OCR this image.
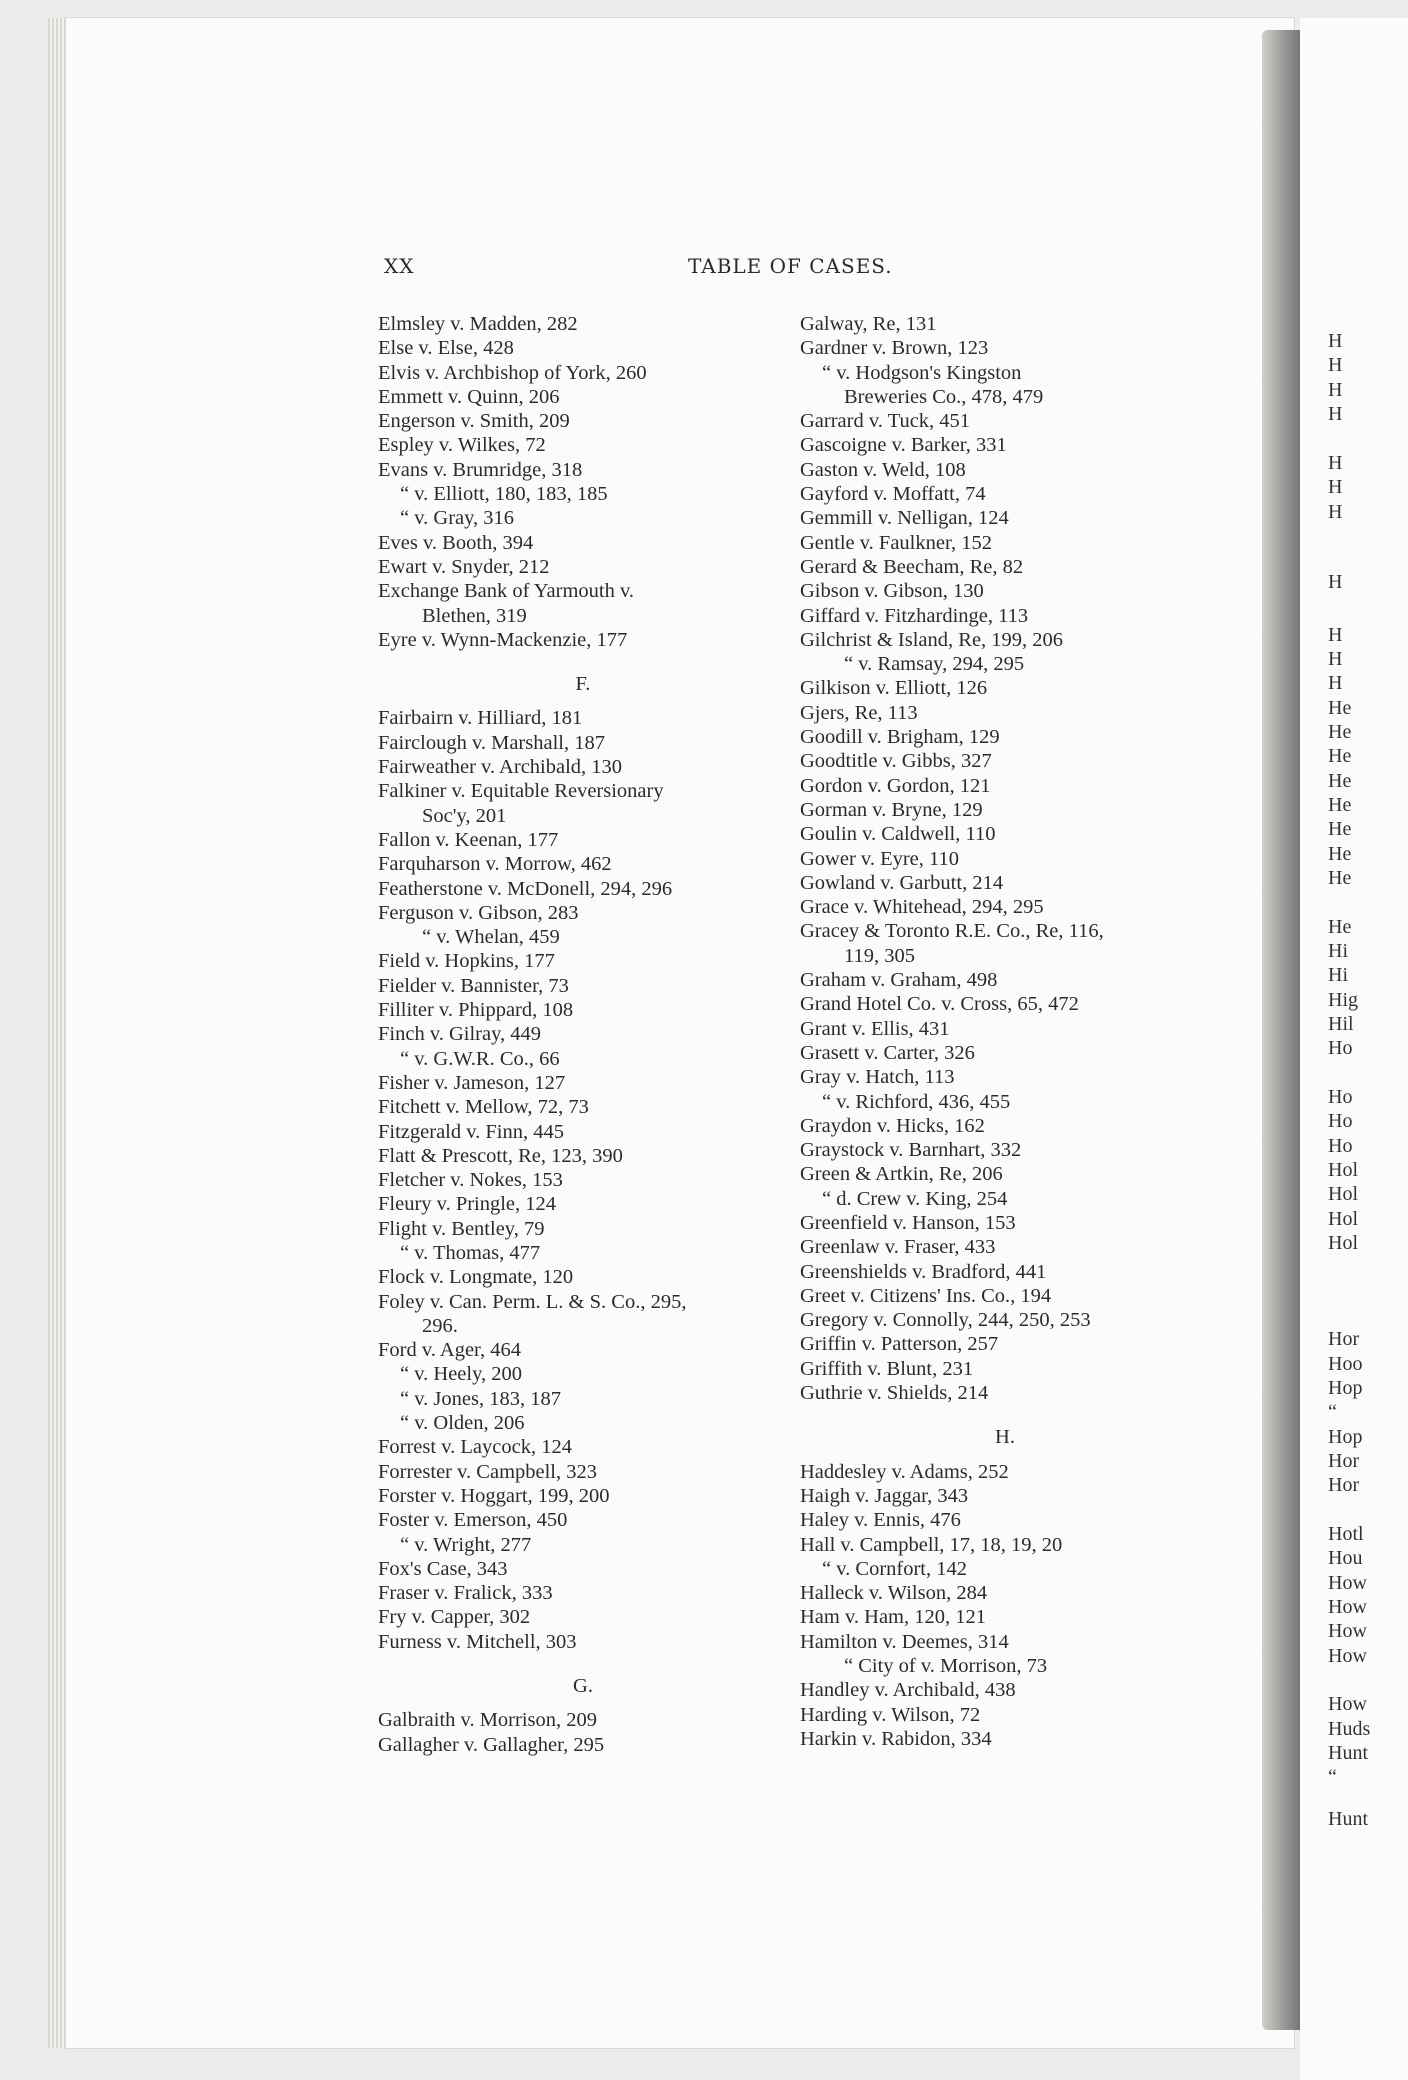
H
H
H
H
H
H
H
H
H
H
H
He
He
He
He
He
He
He
He
He
Hi
Hi
Hig
Hil
Ho
Ho
Ho
Ho
Hol
Hol
Hol
Hol
Hor
Hoo
Hop
“
Hop
Hor
Hor
Hotl
Hou
How
How
How
How
How
Huds
Hunt
“
Hunt
XX	TABLE OF CASES.
Elmsley v. Madden, 282
Else v. Else, 428
Elvis v. Archbishop of York, 260
Emmett v. Quinn, 206
Engerson v. Smith, 209
Espley v. Wilkes, 72
Evans v. Brumridge, 318
“ v. Elliott, 180, 183, 185
“ v. Gray, 316
Eves v. Booth, 394
Ewart v. Snyder, 212
Exchange Bank of Yarmouth v.
Blethen, 319
Eyre v. Wynn-Mackenzie, 177
F.
Fairbairn v. Hilliard, 181
Fairclough v. Marshall, 187
Fairweather v. Archibald, 130
Falkiner v. Equitable Reversionary
Soc'y, 201
Fallon v. Keenan, 177
Farquharson v. Morrow, 462
Featherstone v. McDonell, 294, 296
Ferguson v. Gibson, 283
“ v. Whelan, 459
Field v. Hopkins, 177
Fielder v. Bannister, 73
Filliter v. Phippard, 108
Finch v. Gilray, 449
“ v. G.W.R. Co., 66
Fisher v. Jameson, 127
Fitchett v. Mellow, 72, 73
Fitzgerald v. Finn, 445
Flatt & Prescott, Re, 123, 390
Fletcher v. Nokes, 153
Fleury v. Pringle, 124
Flight v. Bentley, 79
“ v. Thomas, 477
Flock v. Longmate, 120
Foley v. Can. Perm. L. & S. Co., 295,
296.
Ford v. Ager, 464
“ v. Heely, 200
“ v. Jones, 183, 187
“ v. Olden, 206
Forrest v. Laycock, 124
Forrester v. Campbell, 323
Forster v. Hoggart, 199, 200
Foster v. Emerson, 450
“ v. Wright, 277
Fox's Case, 343
Fraser v. Fralick, 333
Fry v. Capper, 302
Furness v. Mitchell, 303
G.
Galbraith v. Morrison, 209
Gallagher v. Gallagher, 295
Galway, Re, 131
Gardner v. Brown, 123
“ v. Hodgson's Kingston
Breweries Co., 478, 479
Garrard v. Tuck, 451
Gascoigne v. Barker, 331
Gaston v. Weld, 108
Gayford v. Moffatt, 74
Gemmill v. Nelligan, 124
Gentle v. Faulkner, 152
Gerard & Beecham, Re, 82
Gibson v. Gibson, 130
Giffard v. Fitzhardinge, 113
Gilchrist & Island, Re, 199, 206
“ v. Ramsay, 294, 295
Gilkison v. Elliott, 126
Gjers, Re, 113
Goodill v. Brigham, 129
Goodtitle v. Gibbs, 327
Gordon v. Gordon, 121
Gorman v. Bryne, 129
Goulin v. Caldwell, 110
Gower v. Eyre, 110
Gowland v. Garbutt, 214
Grace v. Whitehead, 294, 295
Gracey & Toronto R.E. Co., Re, 116,
119, 305
Graham v. Graham, 498
Grand Hotel Co. v. Cross, 65, 472
Grant v. Ellis, 431
Grasett v. Carter, 326
Gray v. Hatch, 113
“ v. Richford, 436, 455
Graydon v. Hicks, 162
Graystock v. Barnhart, 332
Green & Artkin, Re, 206
“ d. Crew v. King, 254
Greenfield v. Hanson, 153
Greenlaw v. Fraser, 433
Greenshields v. Bradford, 441
Greet v. Citizens' Ins. Co., 194
Gregory v. Connolly, 244, 250, 253
Griffin v. Patterson, 257
Griffith v. Blunt, 231
Guthrie v. Shields, 214
H.
Haddesley v. Adams, 252
Haigh v. Jaggar, 343
Haley v. Ennis, 476
Hall v. Campbell, 17, 18, 19, 20
“ v. Cornfort, 142
Halleck v. Wilson, 284
Ham v. Ham, 120, 121
Hamilton v. Deemes, 314
“ City of v. Morrison, 73
Handley v. Archibald, 438
Harding v. Wilson, 72
Harkin v. Rabidon, 334
